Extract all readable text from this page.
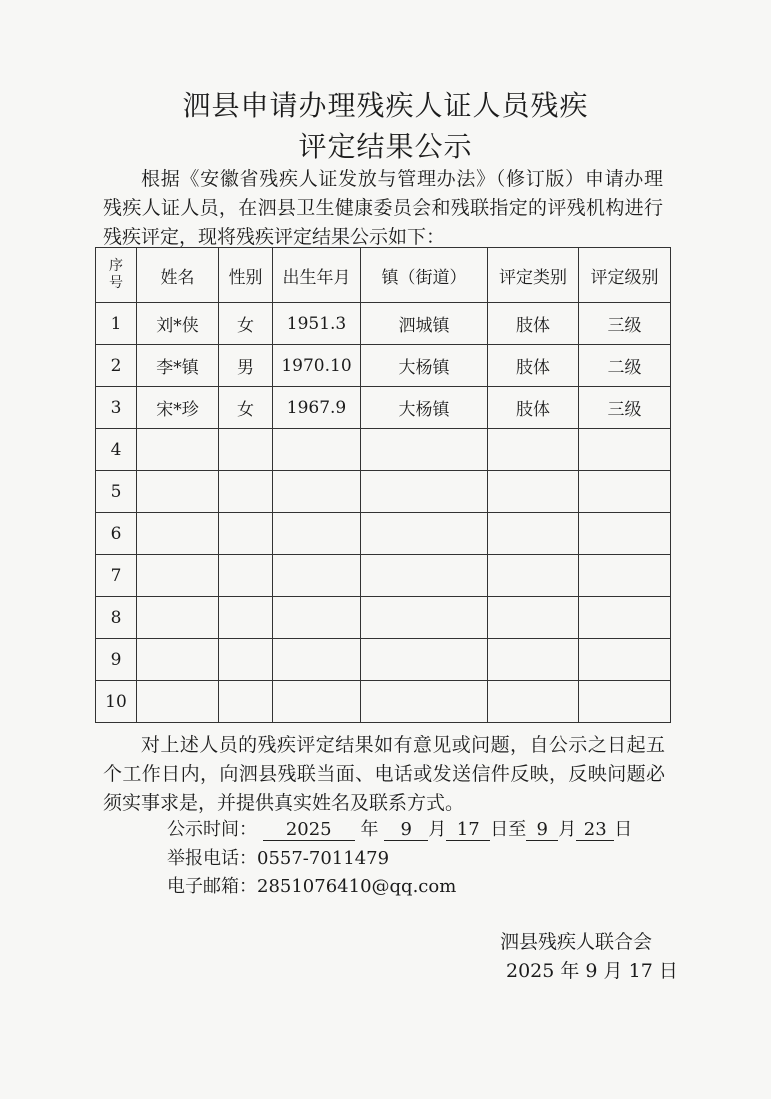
泗县申请办理残疾人证人员残疾
评定结果公示
根据《安徽省残疾人证发放与管理办法》（修订版）申请办理残疾人证人员，在泗县卫生健康委员会和残联指定的评残机构进行残疾评定，现将残疾评定结果公示如下：
序
号	姓名	性别	出生年月	镇（街道）	评定类别	评定级别
1	刘*侠	女	1951.3	泗城镇	肢体	三级
2	李*镇	男	1970.10	大杨镇	肢体	二级
3	宋*珍	女	1967.9	大杨镇	肢体	三级
4						
5						
6						
7						
8						
9						
10						
对上述人员的残疾评定结果如有意见或问题，自公示之日起五个工作日内，向泗县残联当面、电话或发送信件反映，反映问题必须实事求是，并提供真实姓名及联系方式。
公示时间： 2025 年 9 月 17 日至 9 月 23 日
举报电话：0557-7011479
电子邮箱：2851076410@qq.com
泗县残疾人联合会
2025 年 9 月 17 日
